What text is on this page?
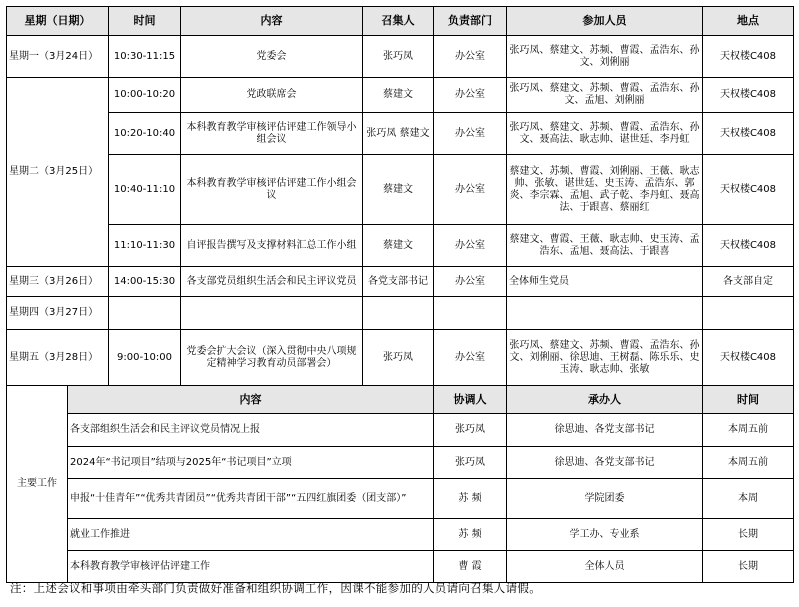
星期（日期）		时间	内容	召集人	负责部门	参加人员	地点
星期一（3月24日）		10:30-11:15	党委会	张巧凤	办公室	张巧凤、蔡建文、苏频、曹霞、孟浩东、孙文、刘俐丽	天权楼C408
星期二（3月25日）		10:00-10:20	党政联席会	蔡建文	办公室	张巧凤、蔡建文、苏频、曹霞、孟浩东、孙文、孟旭、刘俐丽	天权楼C408
		10:20-10:40	本科教育教学审核评估评建工作领导小组会议	张巧凤 蔡建文	办公室	张巧凤、蔡建文、苏频、曹霞、孟浩东、孙文、聂高法、耿志帅、谌世廷、李丹虹	天权楼C408
		10:40-11:10	本科教育教学审核评估评建工作小组会议	蔡建文	办公室	蔡建文、苏频、曹霞、刘俐丽、王薇、耿志帅、张敏、谌世廷、史玉涛、孟浩东、郭炎、李宗霖、孟旭、武子乾、李丹虹、聂高法、于跟喜、蔡丽红	天权楼C408
		11:10-11:30	自评报告撰写及支撑材料汇总工作小组	蔡建文	办公室	蔡建文、曹霞、王薇、耿志帅、史玉涛、孟浩东、孟旭、聂高法、于跟喜	天权楼C408
星期三（3月26日）		14:00-15:30	各支部党员组织生活会和民主评议党员	各党支部书记	办公室	全体师生党员	各支部自定
星期四（3月27日）							
星期五（3月28日）		9:00-10:00	党委会扩大会议（深入贯彻中央八项规定精神学习教育动员部署会）	张巧凤	办公室	张巧凤、蔡建文、苏频、曹霞、孟浩东、孙文、刘俐丽、徐思迪、王树磊、陈乐乐、史玉涛、耿志帅、张敏	天权楼C408
主要工作	内容				协调人	承办人	时间
	各支部组织生活会和民主评议党员情况上报				张巧凤	徐思迪、各党支部书记	本周五前
	2024年“书记项目”结项与2025年“书记项目”立项				张巧凤	徐思迪、各党支部书记	本周五前
	申报“十佳青年”“优秀共青团员”“优秀共青团干部”“五四红旗团委（团支部）”				苏 频	学院团委	本周
	就业工作推进				苏 频	学工办、专业系	长期
	本科教育教学审核评估评建工作				曹 霞	全体人员	长期
注：上述会议和事项由牵头部门负责做好准备和组织协调工作，因课不能参加的人员请向召集人请假。
